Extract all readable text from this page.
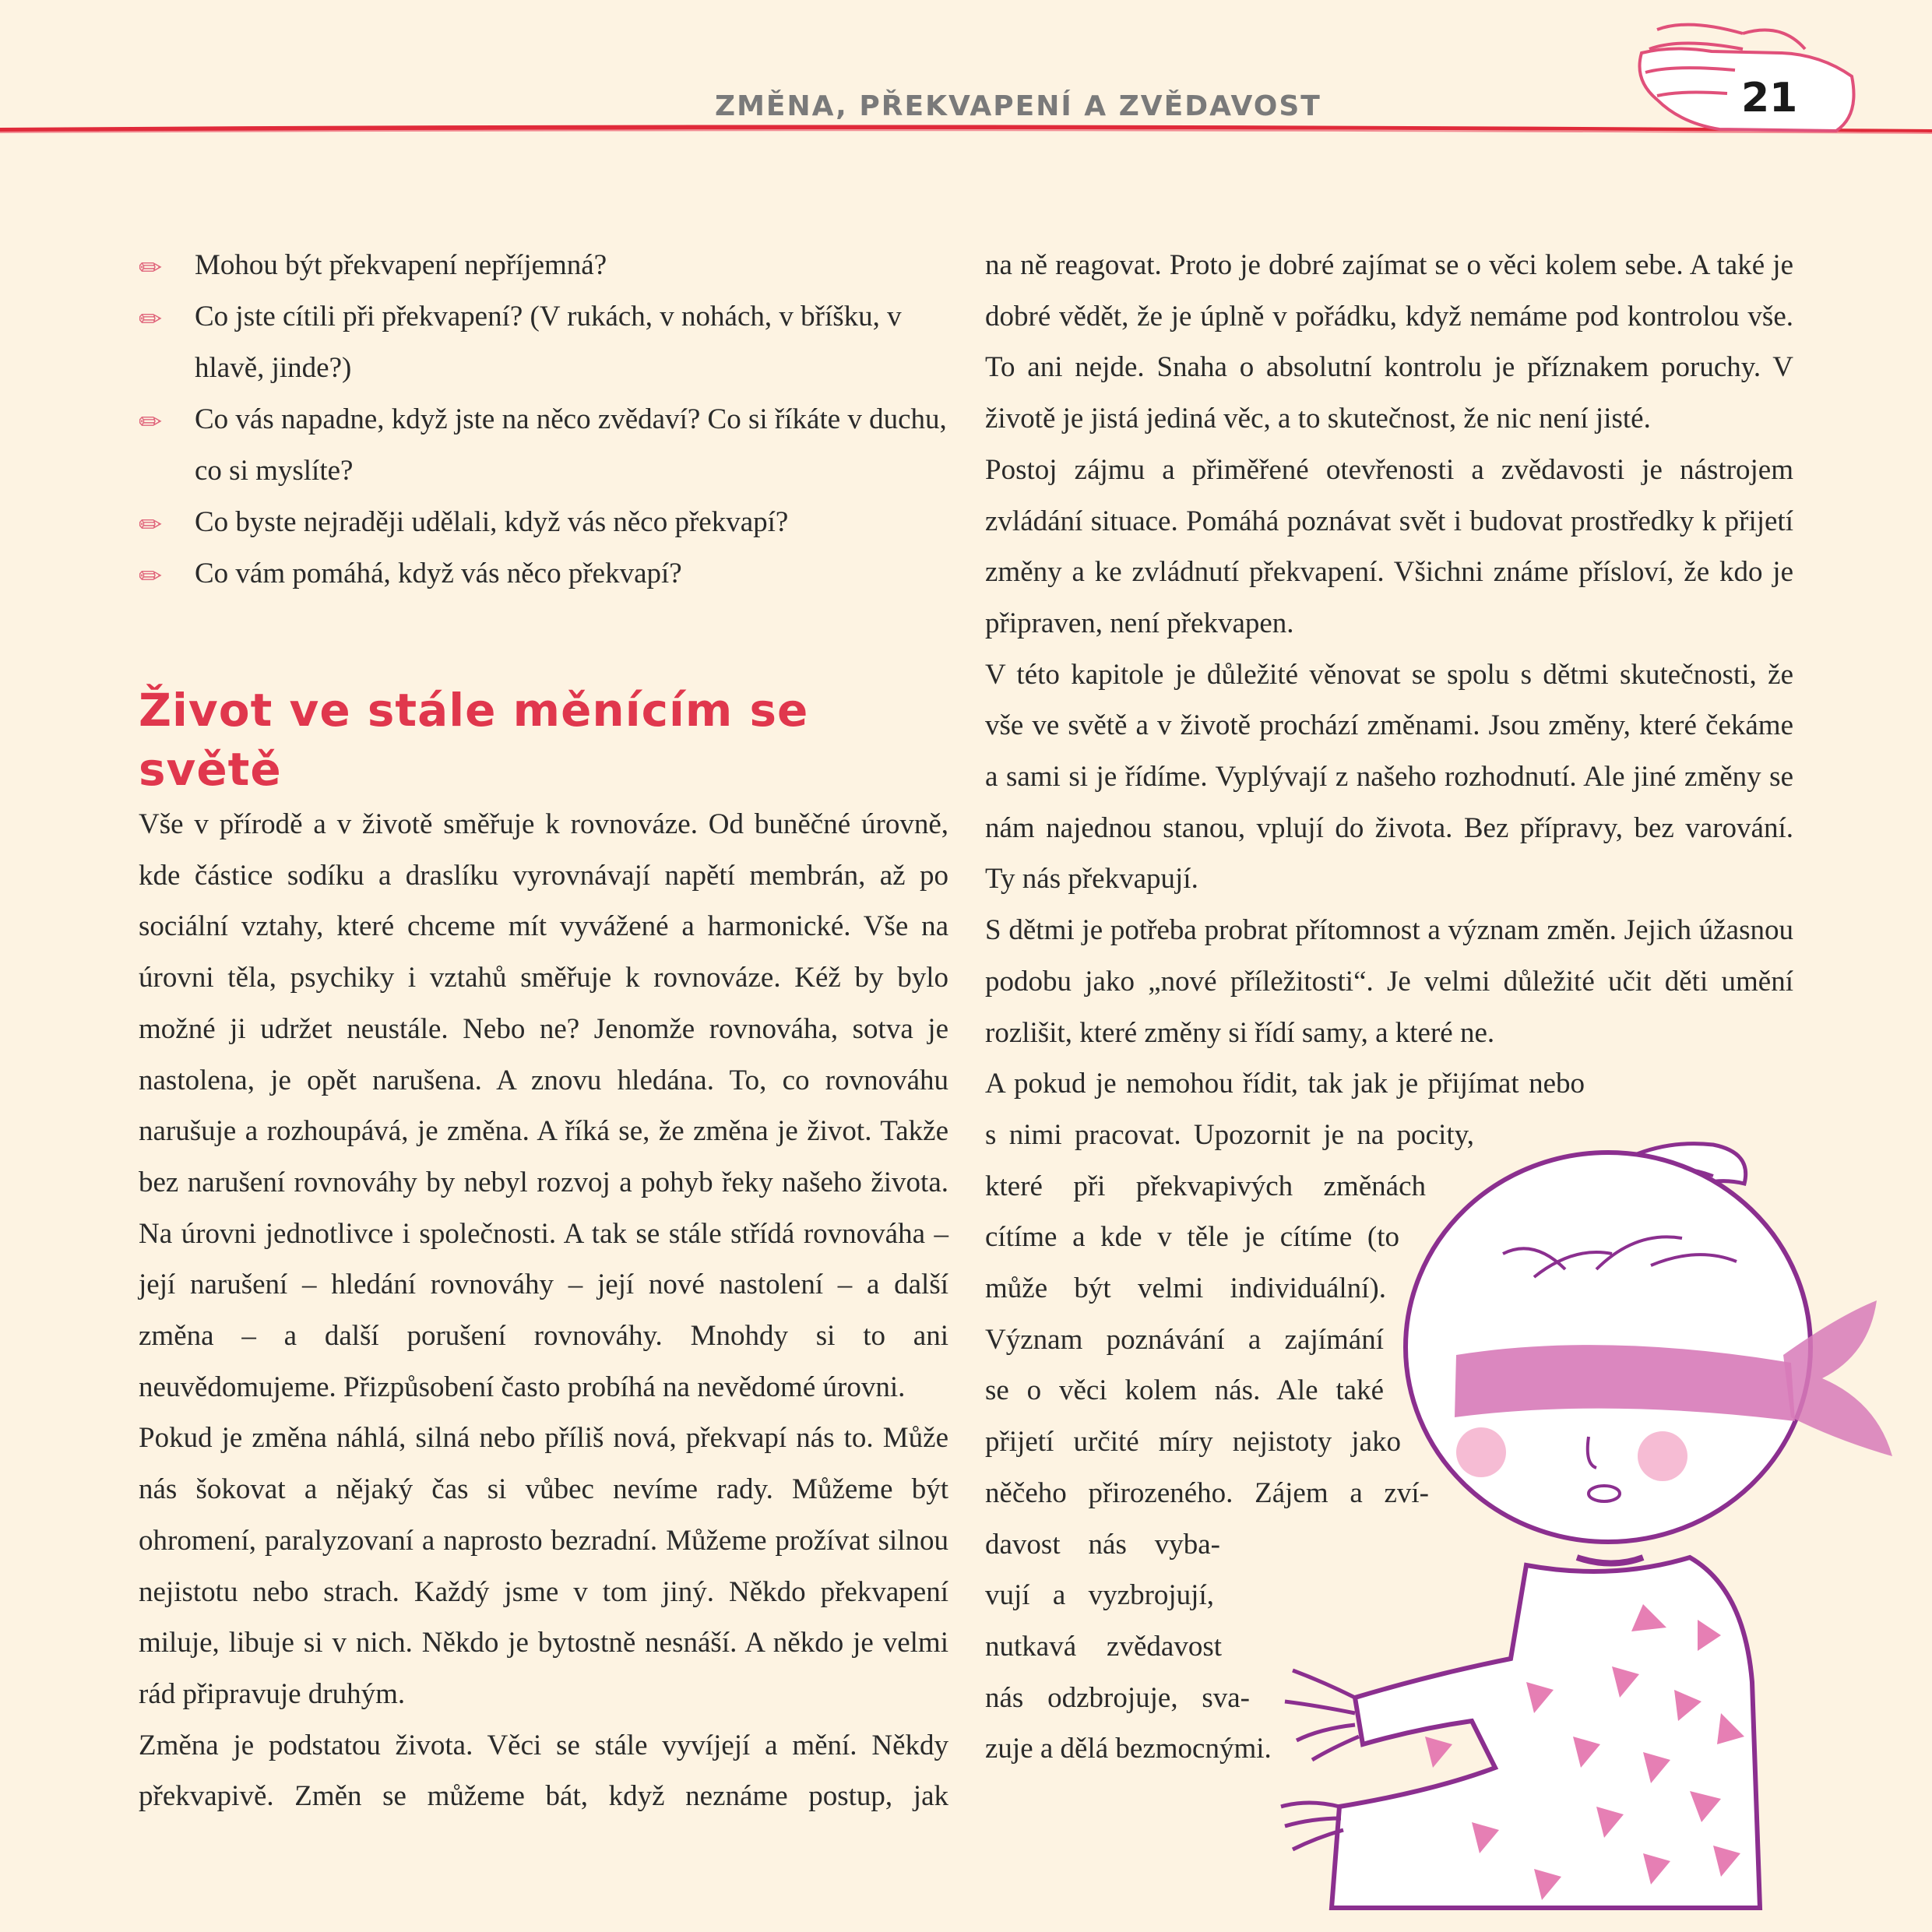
ZMĚNA, PŘEKVAPENÍ A ZVĚDAVOST	21
✏ Mohou být překvapení nepříjemná?
✏ Co jste cítili při překvapení? (V rukách, v nohách, v bříšku, v hlavě, jinde?)
✏ Co vás napadne, když jste na něco zvědaví? Co si říkáte v duchu, co si myslíte?
✏ Co byste nejraději udělali, když vás něco překvapí?
✏ Co vám pomáhá, když vás něco překvapí?
Život ve stále měnícím se světě

Vše v přírodě a v životě směřuje k rovnováze. Od buněčné úrovně, kde částice sodíku a draslíku vyrovnávají napětí membrán, až po sociální vztahy, které chceme mít vyvážené a harmonické. Vše na úrovni těla, psychiky i vztahů směřuje k rovnováze. Kéž by bylo možné ji udržet neustále. Nebo ne? Jenomže rovnováha, sotva je nastolena, je opět narušena. A znovu hledána. To, co rovnováhu narušuje a rozhoupává, je změna. A říká se, že změna je život. Takže bez narušení rovnováhy by nebyl rozvoj a pohyb řeky našeho života. Na úrovni jednotlivce i společnosti. A tak se stále střídá rovnováha – její narušení – hledání rovnováhy – její nové nastolení – a další změna – a další porušení rovnováhy. Mnohdy si to ani neuvědomujeme. Přizpůsobení často probíhá na nevědomé úrovni.

Pokud je změna náhlá, silná nebo příliš nová, překvapí nás to. Může nás šokovat a nějaký čas si vůbec nevíme rady. Můžeme být ohromení, paralyzovaní a naprosto bezradní. Můžeme prožívat silnou nejistotu nebo strach. Každý jsme v tom jiný. Někdo překvapení miluje, libuje si v nich. Někdo je bytostně nesnáší. A někdo je velmi rád připravuje druhým.

Změna je podstatou života. Věci se stále vyvíjejí a mění. Někdy překvapivě. Změn se můžeme bát, když neznáme postup, jak

na ně reagovat. Proto je dobré zajímat se o věci kolem sebe. A také je dobré vědět, že je úplně v pořádku, když nemáme pod kontrolou vše. To ani nejde. Snaha o absolutní kontrolu je příznakem poruchy. V životě je jistá jediná věc, a to skutečnost, že nic není jisté.

Postoj zájmu a přiměřené otevřenosti a zvědavosti je nástrojem zvládání situace. Pomáhá poznávat svět i budovat prostředky k přijetí změny a ke zvládnutí překvapení. Všichni známe přísloví, že kdo je připraven, není překvapen.

V této kapitole je důležité věnovat se spolu s dětmi skutečnosti, že vše ve světě a v životě prochází změnami. Jsou změny, které čekáme a sami si je řídíme. Vyplývají z našeho rozhodnutí. Ale jiné změny se nám najednou stanou, vplují do života. Bez přípravy, bez varování. Ty nás překvapují.

S dětmi je potřeba probrat přítomnost a význam změn. Jejich úžasnou podobu jako „nové příležitosti“. Je velmi důležité učit děti umění rozlišit, které změny si řídí samy, a které ne.

A pokud je nemohou řídit, tak jak je přijímat nebo
s nimi pracovat. Upozornit je na pocity,
které při překvapivých změnách
cítíme a kde v těle je cítíme (to
může být velmi individuální).
Význam poznávání a zajímání
se o věci kolem nás. Ale také
přijetí určité míry nejistoty jako
něčeho přirozeného. Zájem a zví-
davost nás vyba-
vují a vyzbrojují,
nutkavá zvědavost
nás odzbrojuje, sva-
zuje a dělá bezmocnými.
